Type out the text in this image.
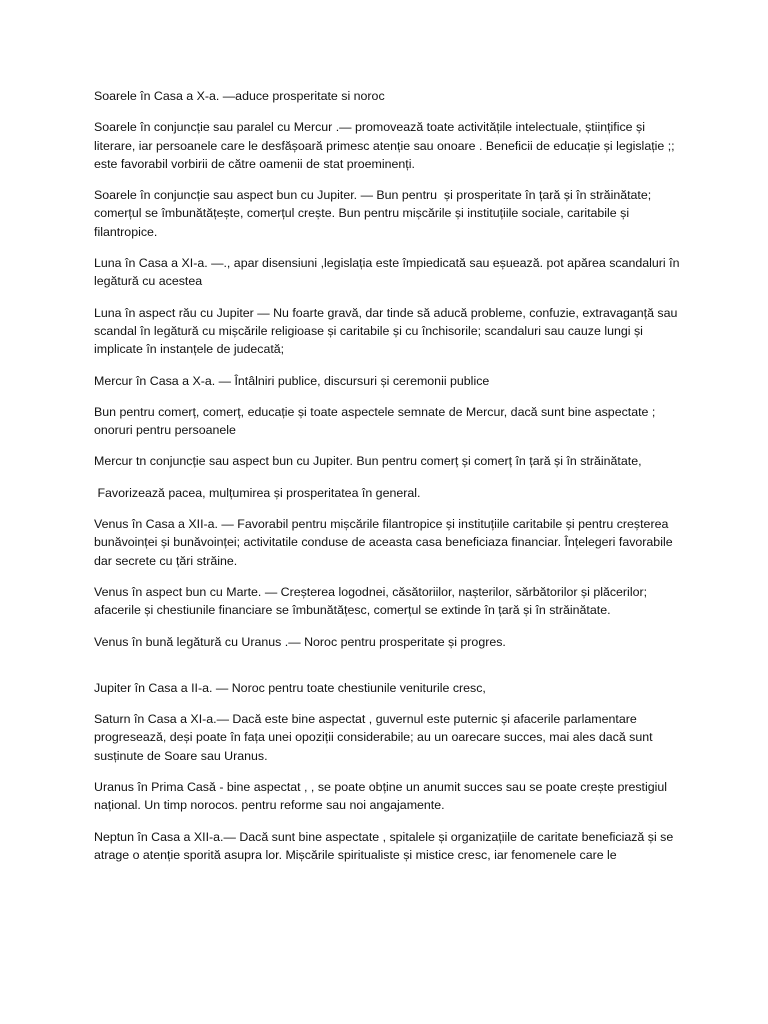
Soarele în Casa a X-a. —aduce prosperitate si noroc

Soarele în conjuncție sau paralel cu Mercur .— promovează toate activitățile intelectuale, științifice și literare, iar persoanele care le desfășoară primesc atenție sau onoare . Beneficii de educație și legislație ;; este favorabil vorbirii de către oamenii de stat proeminenți.

Soarele în conjuncție sau aspect bun cu Jupiter. — Bun pentru  și prosperitate în țară și în străinătate; comerțul se îmbunătățește, comerțul crește. Bun pentru mișcările și instituțiile sociale, caritabile și filantropice.

Luna în Casa a XI-a. —., apar disensiuni ,legislația este împiedicată sau eșuează. pot apărea scandaluri în legătură cu acestea

Luna în aspect rău cu Jupiter — Nu foarte gravă, dar tinde să aducă probleme, confuzie, extravaganță sau scandal în legătură cu mișcările religioase și caritabile și cu închisorile; scandaluri sau cauze lungi și implicate în instanțele de judecată;

Mercur în Casa a X-a. — Întâlniri publice, discursuri și ceremonii publice

Bun pentru comerț, comerț, educație și toate aspectele semnate de Mercur, dacă sunt bine aspectate ; onoruri pentru persoanele

Mercur tn conjuncție sau aspect bun cu Jupiter. Bun pentru comerț și comerț în țară și în străinătate,

Favorizează pacea, mulțumirea și prosperitatea în general.

Venus în Casa a XII-a. — Favorabil pentru mișcările filantropice și instituțiile caritabile și pentru creșterea bunăvoinței și bunăvoinței; activitatile conduse de aceasta casa beneficiaza financiar. Înțelegeri favorabile dar secrete cu țări străine.

Venus în aspect bun cu Marte. — Creșterea logodnei, căsătoriilor, nașterilor, sărbătorilor și plăcerilor; afacerile și chestiunile financiare se îmbunătățesc, comerțul se extinde în țară și în străinătate.

Venus în bună legătură cu Uranus .— Noroc pentru prosperitate și progres.

Jupiter în Casa a II-a. — Noroc pentru toate chestiunile veniturile cresc,

Saturn în Casa a XI-a.— Dacă este bine aspectat , guvernul este puternic și afacerile parlamentare progresează, deși poate în fața unei opoziții considerabile; au un oarecare succes, mai ales dacă sunt susținute de Soare sau Uranus.

Uranus în Prima Casă - bine aspectat , , se poate obține un anumit succes sau se poate crește prestigiul național. Un timp norocos. pentru reforme sau noi angajamente.

Neptun în Casa a XII-a.— Dacă sunt bine aspectate , spitalele și organizațiile de caritate beneficiază și se atrage o atenție sporită asupra lor. Mișcările spiritualiste și mistice cresc, iar fenomenele care le
